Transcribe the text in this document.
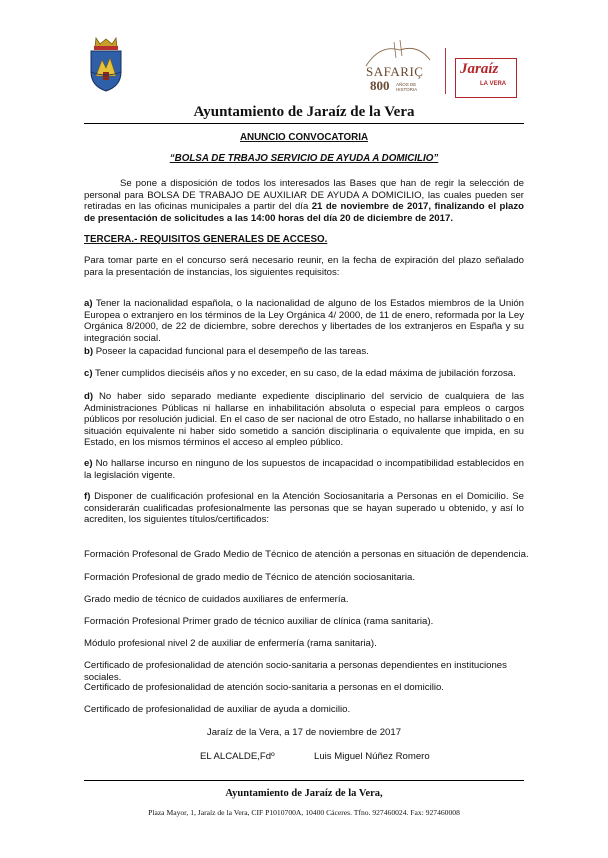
SAFARIÇ
800 AÑOS DE HISTORIA
Jaraíz
LA VERA
Ayuntamiento de Jaraíz de la Vera
ANUNCIO CONVOCATORIA
“BOLSA DE TRBAJO SERVICIO DE AYUDA A DOMICILIO”
Se pone a disposición de todos los interesados las Bases que han de regir la selección de personal para BOLSA DE TRABAJO DE AUXILIAR DE AYUDA A DOMICILIO, las cuales pueden ser retiradas en las oficinas municipales a partir del día 21 de noviembre de 2017, finalizando el plazo de presentación de solicitudes a las 14:00 horas del día 20 de diciembre de 2017.
TERCERA.- REQUISITOS GENERALES DE ACCESO.
Para tomar parte en el concurso será necesario reunir, en la fecha de expiración del plazo señalado para la presentación de instancias, los siguientes requisitos:
a) Tener la nacionalidad española, o la nacionalidad de alguno de los Estados miembros de la Unión Europea o extranjero en los términos de la Ley Orgánica 4/ 2000, de 11 de enero, reformada por la Ley Orgánica 8/2000, de 22 de diciembre, sobre derechos y libertades de los extranjeros en España y su integración social.
b) Poseer la capacidad funcional para el desempeño de las tareas.
c) Tener cumplidos dieciséis años y no exceder, en su caso, de la edad máxima de jubilación forzosa.
d) No haber sido separado mediante expediente disciplinario del servicio de cualquiera de las Administraciones Públicas ni hallarse en inhabilitación absoluta o especial para empleos o cargos públicos por resolución judicial. En el caso de ser nacional de otro Estado, no hallarse inhabilitado o en situación equivalente ni haber sido sometido a sanción disciplinaria o equivalente que impida, en su Estado, en los mismos términos el acceso al empleo público.
e) No hallarse incurso en ninguno de los supuestos de incapacidad o incompatibilidad establecidos en la legislación vigente.
f) Disponer de cualificación profesional en la Atención Sociosanitaria a Personas en el Domicilio. Se considerarán cualificadas profesionalmente las personas que se hayan superado u obtenido, y así lo acrediten, los siguientes títulos/certificados:
Formación Profesonal de Grado Medio de Técnico de atención a personas en situación de dependencia.
Formación Profesional de grado medio de Técnico de atención sociosanitaria.
Grado medio de técnico de cuidados auxiliares de enfermería.
Formación Profesional Primer grado de técnico auxiliar de clínica (rama sanitaria).
Módulo profesional nivel 2 de auxiliar de enfermería (rama sanitaria).
Certificado de profesionalidad de atención socio-sanitaria a personas dependientes en instituciones sociales.
Certificado de profesionalidad de atención socio-sanitaria a personas en el domicilio.
Certificado de profesionalidad de auxiliar de ayuda a domicilio.
Jaraíz de la Vera, a 17 de noviembre de 2017
EL ALCALDE,Fdº	Luis Miguel Núñez Romero
Ayuntamiento de Jaraíz de la Vera,
Plaza Mayor, 1, Jaraíz de la Vera, CIF P1010700A, 10400 Cáceres. Tfno. 927460024. Fax: 927460008
